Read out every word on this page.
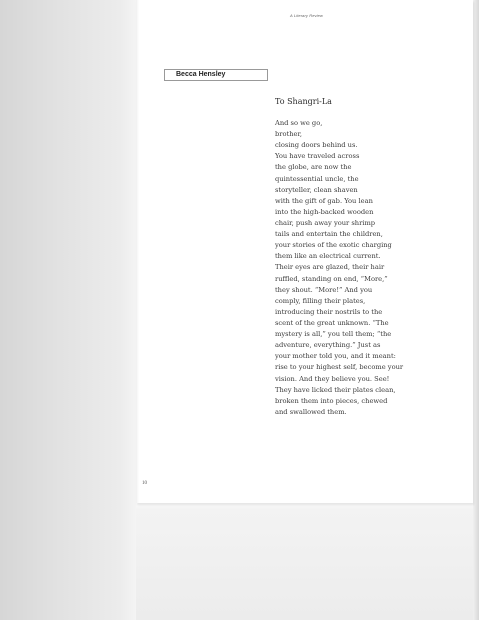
A Literary Review
Becca Hensley
To Shangri-La
And so we go,
brother,
closing doors behind us.
You have traveled across
the globe, are now the
quintessential uncle, the
storyteller, clean shaven
with the gift of gab. You lean
into the high-backed wooden
chair, push away your shrimp
tails and entertain the children,
your stories of the exotic charging
them like an electrical current.
Their eyes are glazed, their hair
ruffled, standing on end, “More,”
they shout. “More!” And you
comply, filling their plates,
introducing their nostrils to the
scent of the great unknown. “The
mystery is all,” you tell them; “the
adventure, everything.” Just as
your mother told you, and it meant:
rise to your highest self, become your
vision. And they believe you. See!
They have licked their plates clean,
broken them into pieces, chewed
and swallowed them.
10
